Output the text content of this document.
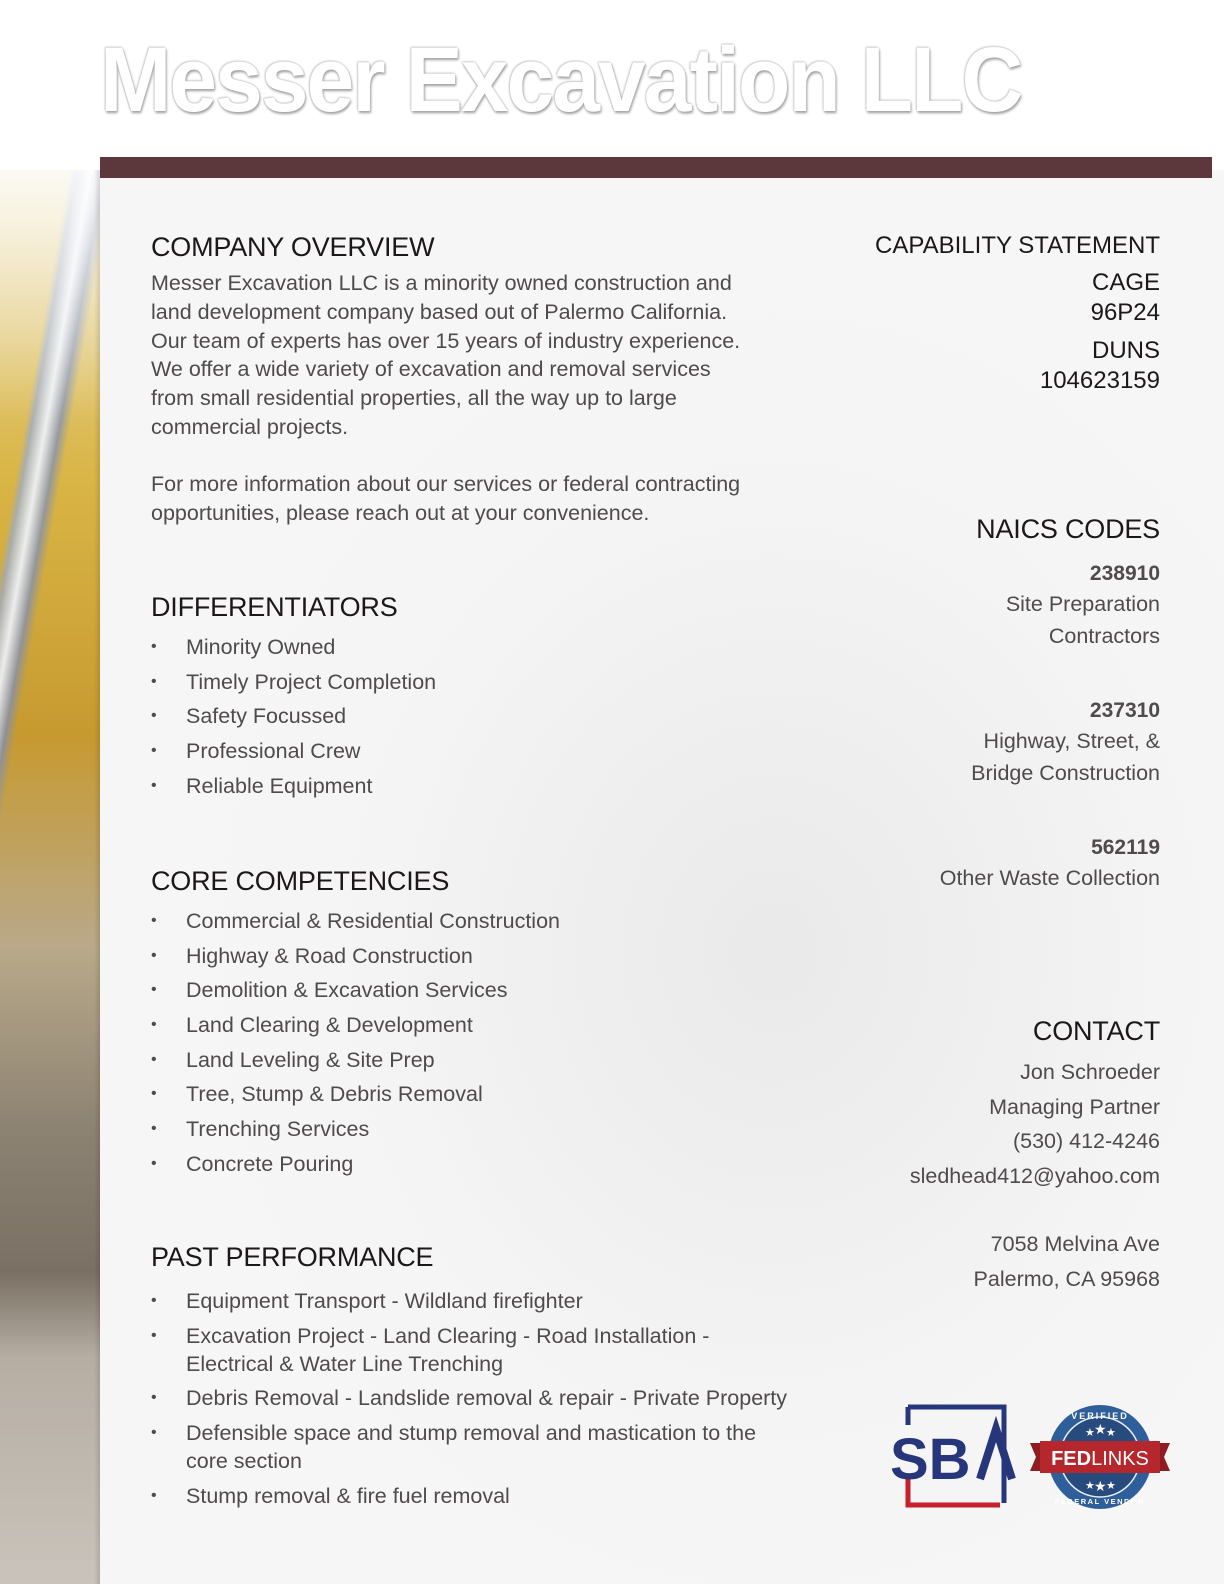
Messer Excavation LLC
COMPANY OVERVIEW
Messer Excavation LLC is a minority owned construction and
land development company based out of Palermo California.
Our team of experts has over 15 years of industry experience.
We offer a wide variety of excavation and removal services
from small residential properties, all the way up to large
commercial projects.
For more information about our services or federal contracting
opportunities, please reach out at your convenience.
DIFFERENTIATORS
• Minority Owned
• Timely Project Completion
• Safety Focussed
• Professional Crew
• Reliable Equipment
CORE COMPETENCIES
• Commercial & Residential Construction
• Highway & Road Construction
• Demolition & Excavation Services
• Land Clearing & Development
• Land Leveling & Site Prep
• Tree, Stump & Debris Removal
• Trenching Services
• Concrete Pouring
PAST PERFORMANCE
• Equipment Transport - Wildland firefighter
• Excavation Project - Land Clearing - Road Installation -
Electrical & Water Line Trenching
• Debris Removal - Landslide removal & repair - Private Property
• Defensible space and stump removal and mastication to the
core section
• Stump removal & fire fuel removal
CAPABILITY STATEMENT
CAGE
96P24
DUNS
104623159
NAICS CODES
238910
Site Preparation
Contractors
237310
Highway, Street, &
Bridge Construction
562119
Other Waste Collection
CONTACT
Jon Schroeder
Managing Partner
(530) 412-4246
sledhead412@yahoo.com
7058 Melvina Ave
Palermo, CA 95968
SB
VERIFIED
★ ★ ★
FEDLINKS
★ ★ ★
FEDERAL VENDOR
